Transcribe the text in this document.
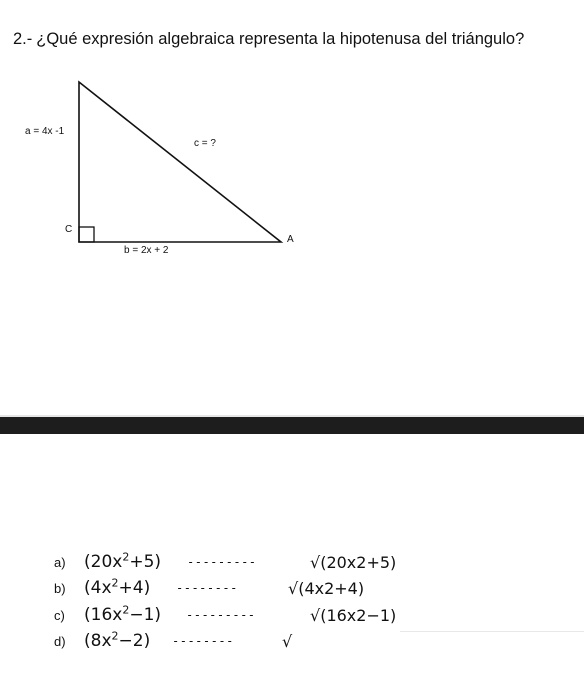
2.- ¿Qué expresión algebraica representa la hipotenusa del triángulo?
a = 4x -1
c = ?
C
b = 2x + 2
A
a) $(20x^2+5)$ ---------	√(20x2+5)
b) $(4x^2+4)$ --------	√(4x2+4)
c) $(16x^2-1)$ ---------	√(16x2−1)
d) $(8x^2-2)$ --------	√
